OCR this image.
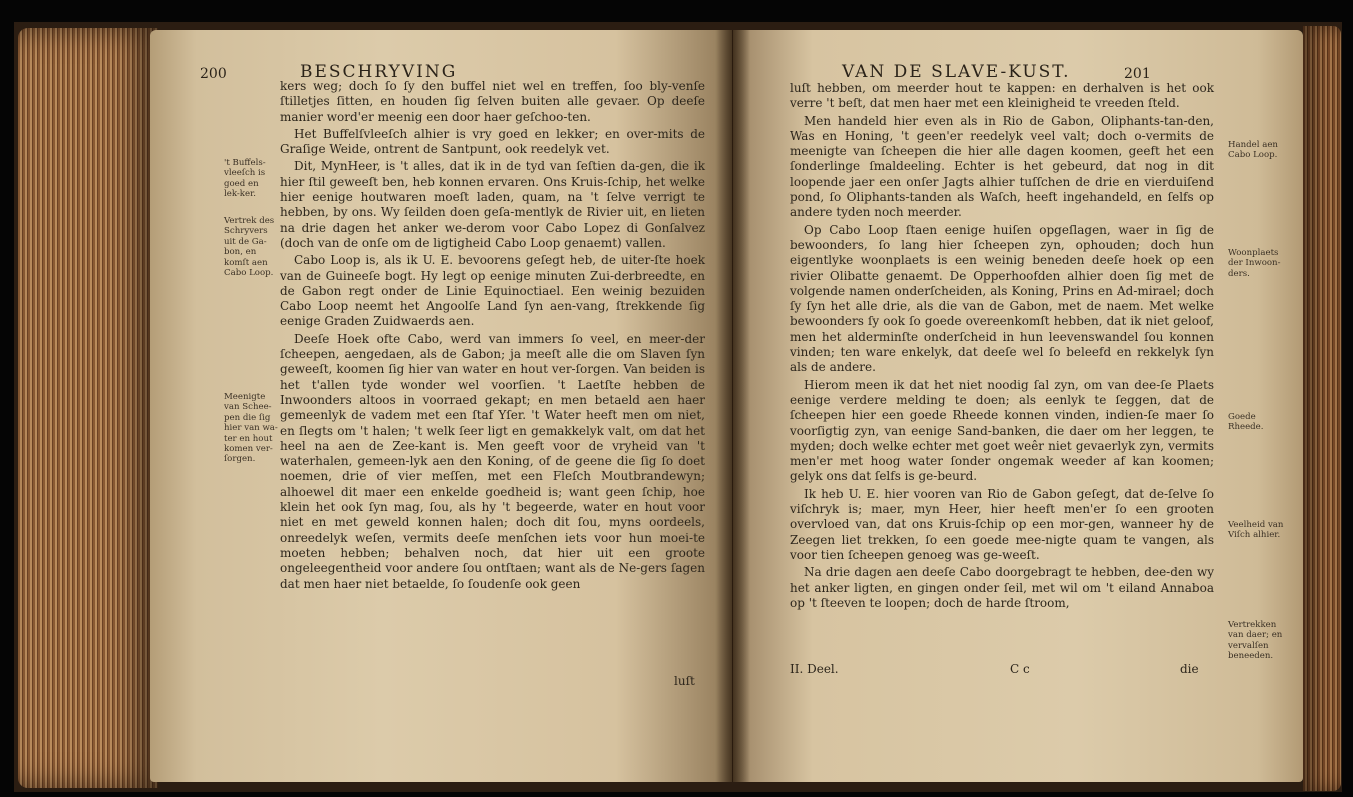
200	BESCHRYVING

kers weg; doch ſo ſy den buffel niet wel en treffen, ſoo bly-venſe ſtilletjes ſitten, en houden ſig ſelven buiten alle gevaer. Op deeſe manier word'er meenig een door haer geſchoo-ten.

Het Buffelſvleeſch alhier is vry goed en lekker; en over-mits de Graſige Weide, ontrent de Santpunt, ook reedelyk vet.

Dit, MynHeer, is 't alles, dat ik in de tyd van ſeſtien da-gen, die ik hier ſtil geweeſt ben, heb konnen ervaren. Ons Kruis-ſchip, het welke hier eenige houtwaren moeſt laden, quam, na 't ſelve verrigt te hebben, by ons. Wy ſeilden doen geſa-mentlyk de Rivier uit, en lieten na drie dagen het anker we-derom voor Cabo Lopez di Gonſalvez (doch van de onſe om de ligtigheid Cabo Loop genaemt) vallen.

Cabo Loop is, als ik U. E. bevoorens geſegt heb, de uiter-ſte hoek van de Guineeſe bogt. Hy legt op eenige minuten Zui-derbreedte, en de Gabon regt onder de Linie Equinoctiael. Een weinig bezuiden Cabo Loop neemt het Angoolſe Land ſyn aen-vang, ſtrekkende ſig eenige Graden Zuidwaerds aen.

Deeſe Hoek ofte Cabo, werd van immers ſo veel, en meer-der ſcheepen, aengedaen, als de Gabon; ja meeſt alle die om Slaven ſyn geweeſt, koomen ſig hier van water en hout ver-ſorgen. Van beiden is het t'allen tyde wonder wel voorſien. 't Laetſte hebben de Inwoonders altoos in voorraed gekapt; en men betaeld aen haer gemeenlyk de vadem met een ſtaf Yſer. 't Water heeft men om niet, en ſlegts om 't halen; 't welk ſeer ligt en gemakkelyk valt, om dat het heel na aen de Zee-kant is. Men geeft voor de vryheid van 't waterhalen, gemeen-lyk aen den Koning, of de geene die ſig ſo doet noemen, drie of vier meſſen, met een Fleſch Moutbrandewyn; alhoewel dit maer een enkelde goedheid is; want geen ſchip, hoe klein het ook ſyn mag, ſou, als hy 't begeerde, water en hout voor niet en met geweld konnen halen; doch dit ſou, myns oordeels, onreedelyk weſen, vermits deeſe menſchen iets voor hun moei-te moeten hebben; behalven noch, dat hier uit een groote ongeleegentheid voor andere ſou ontſtaen; want als de Ne-gers ſagen dat men haer niet betaelde, ſo ſoudenſe ook geen

luſt
't Buffels-vleeſch is goed en lek-ker.
Vertrek des Schryvers uit de Ga-bon, en komſt aen Cabo Loop.
Meenigte van Schee-pen die ſig hier van wa-ter en hout komen ver-ſorgen.
VAN DE SLAVE-KUST.	201

luſt hebben, om meerder hout te kappen: en derhalven is het ook verre 't beſt, dat men haer met een kleinigheid te vreeden ſteld.

Men handeld hier even als in Rio de Gabon, Oliphants-tan-den, Was en Honing, 't geen'er reedelyk veel valt; doch o-vermits de meenigte van ſcheepen die hier alle dagen koomen, geeft het een ſonderlinge ſmaldeeling. Echter is het gebeurd, dat nog in dit loopende jaer een onſer Jagts alhier tuſſchen de drie en vierduiſend pond, ſo Oliphants-tanden als Waſch, heeft ingehandeld, en ſelfs op andere tyden noch meerder.

Op Cabo Loop ſtaen eenige huiſen opgeſlagen, waer in ſig de bewoonders, ſo lang hier ſcheepen zyn, ophouden; doch hun eigentlyke woonplaets is een weinig beneden deeſe hoek op een rivier Olibatte genaemt. De Opperhoofden alhier doen ſig met de volgende namen onderſcheiden, als Koning, Prins en Ad-mirael; doch ſy ſyn het alle drie, als die van de Gabon, met de naem. Met welke bewoonders ſy ook ſo goede overeenkomſt hebben, dat ik niet geloof, men het alderminſte onderſcheid in hun leevenswandel ſou konnen vinden; ten ware enkelyk, dat deeſe wel ſo beleefd en rekkelyk ſyn als de andere.

Hierom meen ik dat het niet noodig ſal zyn, om van dee-ſe Plaets eenige verdere melding te doen; als eenlyk te ſeggen, dat de ſcheepen hier een goede Rheede konnen vinden, indien-ſe maer ſo voorſigtig zyn, van eenige Sand-banken, die daer om her leggen, te myden; doch welke echter met goet weêr niet gevaerlyk zyn, vermits men'er met hoog water ſonder ongemak weeder af kan koomen; gelyk ons dat ſelfs is ge-beurd.

Ik heb U. E. hier vooren van Rio de Gabon geſegt, dat de-ſelve ſo viſchryk is; maer, myn Heer, hier heeft men'er ſo een grooten overvloed van, dat ons Kruis-ſchip op een mor-gen, wanneer hy de Zeegen liet trekken, ſo een goede mee-nigte quam te vangen, als voor tien ſcheepen genoeg was ge-weeſt.

Na drie dagen aen deeſe Cabo doorgebragt te hebben, dee-den wy het anker ligten, en gingen onder ſeil, met wil om 't eiland Annaboa op 't ſteeven te loopen; doch de harde ſtroom,

II. Deel.	C c	die
Handel aen Cabo Loop.
Woonplaets der Inwoon-ders.
Goede Rheede.
Veelheid van Viſch alhier.
Vertrekken van daer; en vervalſen beneeden.
